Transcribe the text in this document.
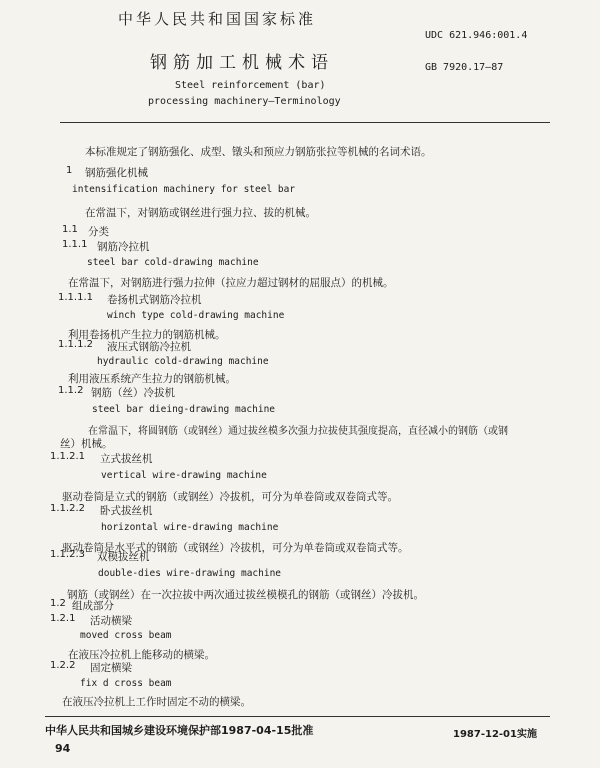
中华人民共和国国家标准
UDC 621.946:001.4
钢筋加工机械术语	GB 7920.17—87
Steel reinforcement (bar)
processing machinery—Terminology
本标准规定了钢筋强化、成型、镦头和预应力钢筋张拉等机械的名词术语。
1 钢筋强化机械
intensification machinery for steel bar
在常温下，对钢筋或钢丝进行强力拉、拔的机械。
1.1 分类
1.1.1 钢筋冷拉机
steel bar cold-drawing machine
在常温下，对钢筋进行强力拉伸（拉应力超过钢材的屈服点）的机械。
1.1.1.1 卷扬机式钢筋冷拉机
winch type cold-drawing machine
利用卷扬机产生拉力的钢筋机械。
1.1.1.2 液压式钢筋冷拉机
hydraulic cold-drawing machine
利用液压系统产生拉力的钢筋机械。
1.1.2 钢筋（丝）冷拔机
steel bar dieing-drawing machine
在常温下，将圆钢筋（或钢丝）通过拔丝模多次强力拉拔使其强度提高，直径减小的钢筋（或钢
丝）机械。
1.1.2.1 立式拔丝机
vertical wire-drawing machine
驱动卷筒是立式的钢筋（或钢丝）冷拔机，可分为单卷筒或双卷筒式等。
1.1.2.2 卧式拔丝机
horizontal wire-drawing machine
驱动卷筒是水平式的钢筋（或钢丝）冷拔机，可分为单卷筒或双卷筒式等。
1.1.2.3 双模拔丝机
double-dies wire-drawing machine
钢筋（或钢丝）在一次拉拔中两次通过拔丝模模孔的钢筋（或钢丝）冷拔机。
1.2 组成部分
1.2.1 活动横梁
moved cross beam
在液压冷拉机上能移动的横梁。
1.2.2 固定横梁
fix d cross beam
在液压冷拉机上工作时固定不动的横梁。
中华人民共和国城乡建设环境保护部1987-04-15批准	1987-12-01实施
94
